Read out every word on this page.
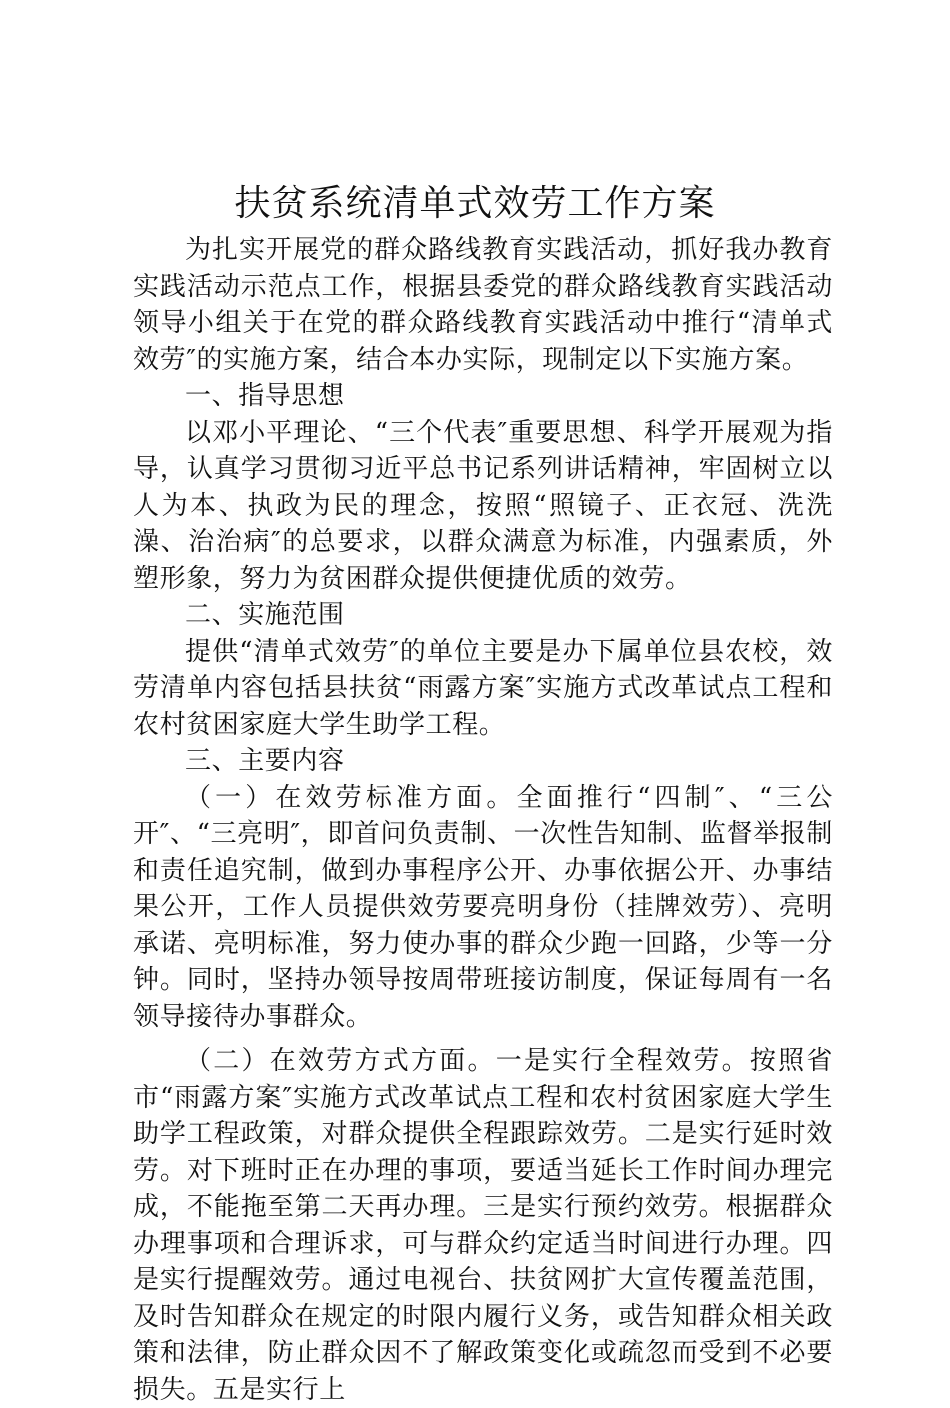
扶贫系统清单式效劳工作方案

为扎实开展党的群众路线教育实践活动，抓好我办教育实践活动示范点工作，根据县委党的群众路线教育实践活动领导小组关于在党的群众路线教育实践活动中推行“清单式效劳″的实施方案，结合本办实际，现制定以下实施方案。

一、指导思想

以邓小平理论、“三个代表″重要思想、科学开展观为指导，认真学习贯彻习近平总书记系列讲话精神，牢固树立以人为本、执政为民的理念，按照“照镜子、正衣冠、洗洗澡、治治病″的总要求，以群众满意为标准，内强素质，外塑形象，努力为贫困群众提供便捷优质的效劳。

二、实施范围

提供“清单式效劳″的单位主要是办下属单位县农校，效劳清单内容包括县扶贫“雨露方案″实施方式改革试点工程和农村贫困家庭大学生助学工程。

三、主要内容

（一）在效劳标准方面。全面推行“四制″、“三公开″、“三亮明″，即首问负责制、一次性告知制、监督举报制和责任追究制，做到办事程序公开、办事依据公开、办事结果公开，工作人员提供效劳要亮明身份（挂牌效劳）、亮明承诺、亮明标准，努力使办事的群众少跑一回路，少等一分钟。同时，坚持办领导按周带班接访制度，保证每周有一名领导接待办事群众。

（二）在效劳方式方面。一是实行全程效劳。按照省市“雨露方案″实施方式改革试点工程和农村贫困家庭大学生助学工程政策，对群众提供全程跟踪效劳。二是实行延时效劳。对下班时正在办理的事项，要适当延长工作时间办理完成，不能拖至第二天再办理。三是实行预约效劳。根据群众办理事项和合理诉求，可与群众约定适当时间进行办理。四是实行提醒效劳。通过电视台、扶贫网扩大宣传覆盖范围，及时告知群众在规定的时限内履行义务，或告知群众相关政策和法律，防止群众因不了解政策变化或疏忽而受到不必要损失。五是实行上
